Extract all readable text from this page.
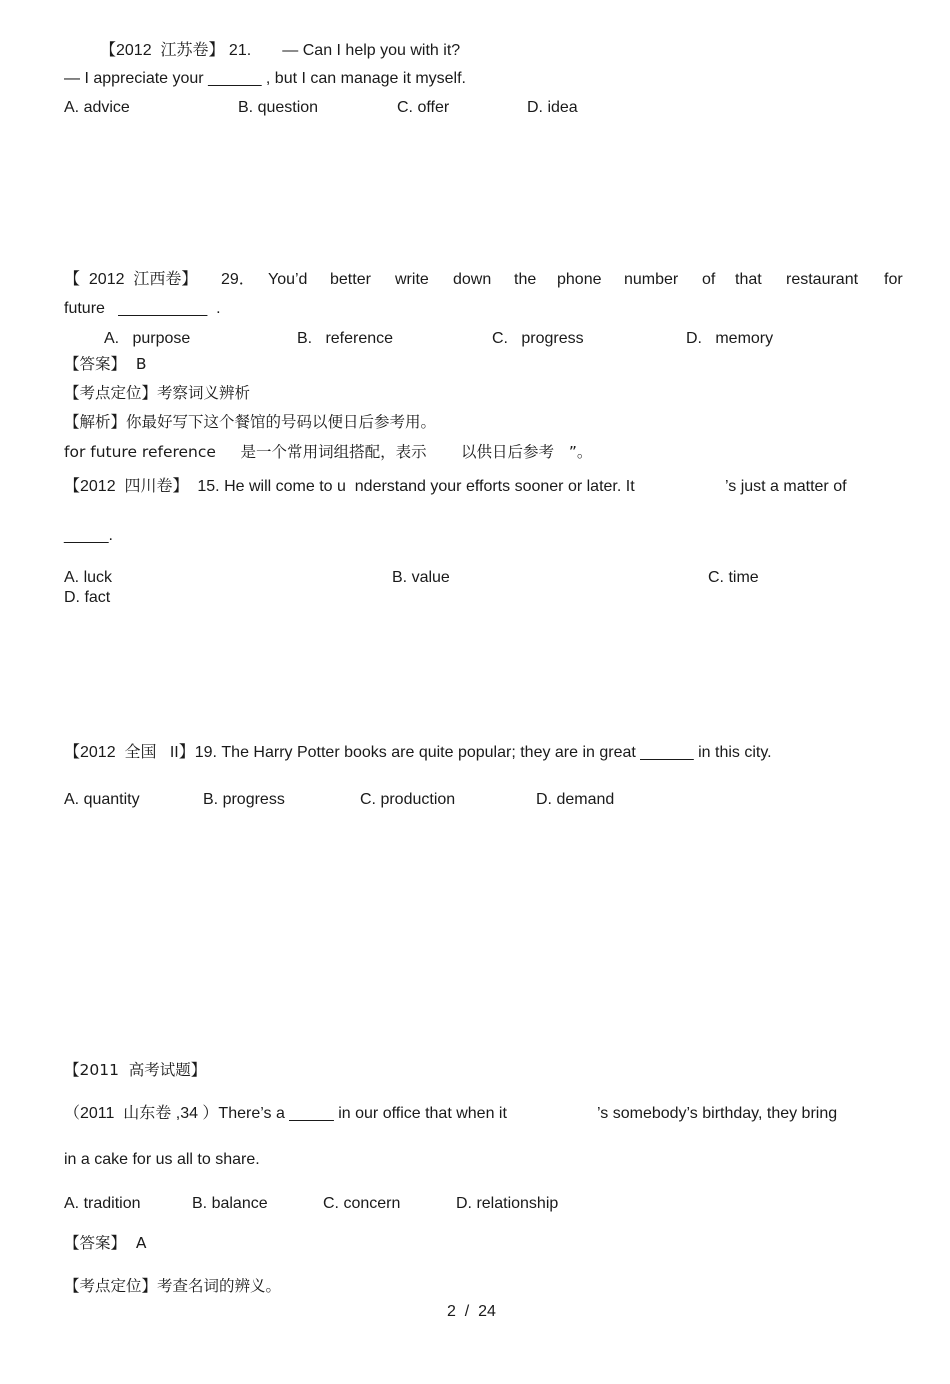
【2012  江苏卷】 21.       — Can I help you with it?
— I appreciate your ______ , but I can manage it myself.
A. advice	B. question	C. offer	D. idea
【  2012  江西卷】 29． You’d better write down the phone number of that restaurant for
future   __________  .
A.   purpose	B.   reference	C.   progress	D.   memory
【答案】  B
【考点定位】考察词义辨析
【解析】你最好写下这个餐馆的号码以便日后参考用。
for future reference     是一个常用词组搭配，表示       以供日后参考   ”。
【2012  四川卷】  15. He will come to u  nderstand your efforts sooner or later. It	’s just a matter of
_____.
A. luck	B. value	C. time
D. fact
【2012  全国   II】19. The Harry Potter books are quite popular; they are in great ______ in this city.
A. quantity	B. progress	C. production	D. demand
【2011  高考试题】
（2011  山东卷 ,34 ）There’s a _____ in our office that when it	’s somebody’s birthday, they bring
in a cake for us all to share.
A. tradition	B. balance	C. concern	D. relationship
【答案】  A
【考点定位】考查名词的辨义。
2  /  24
